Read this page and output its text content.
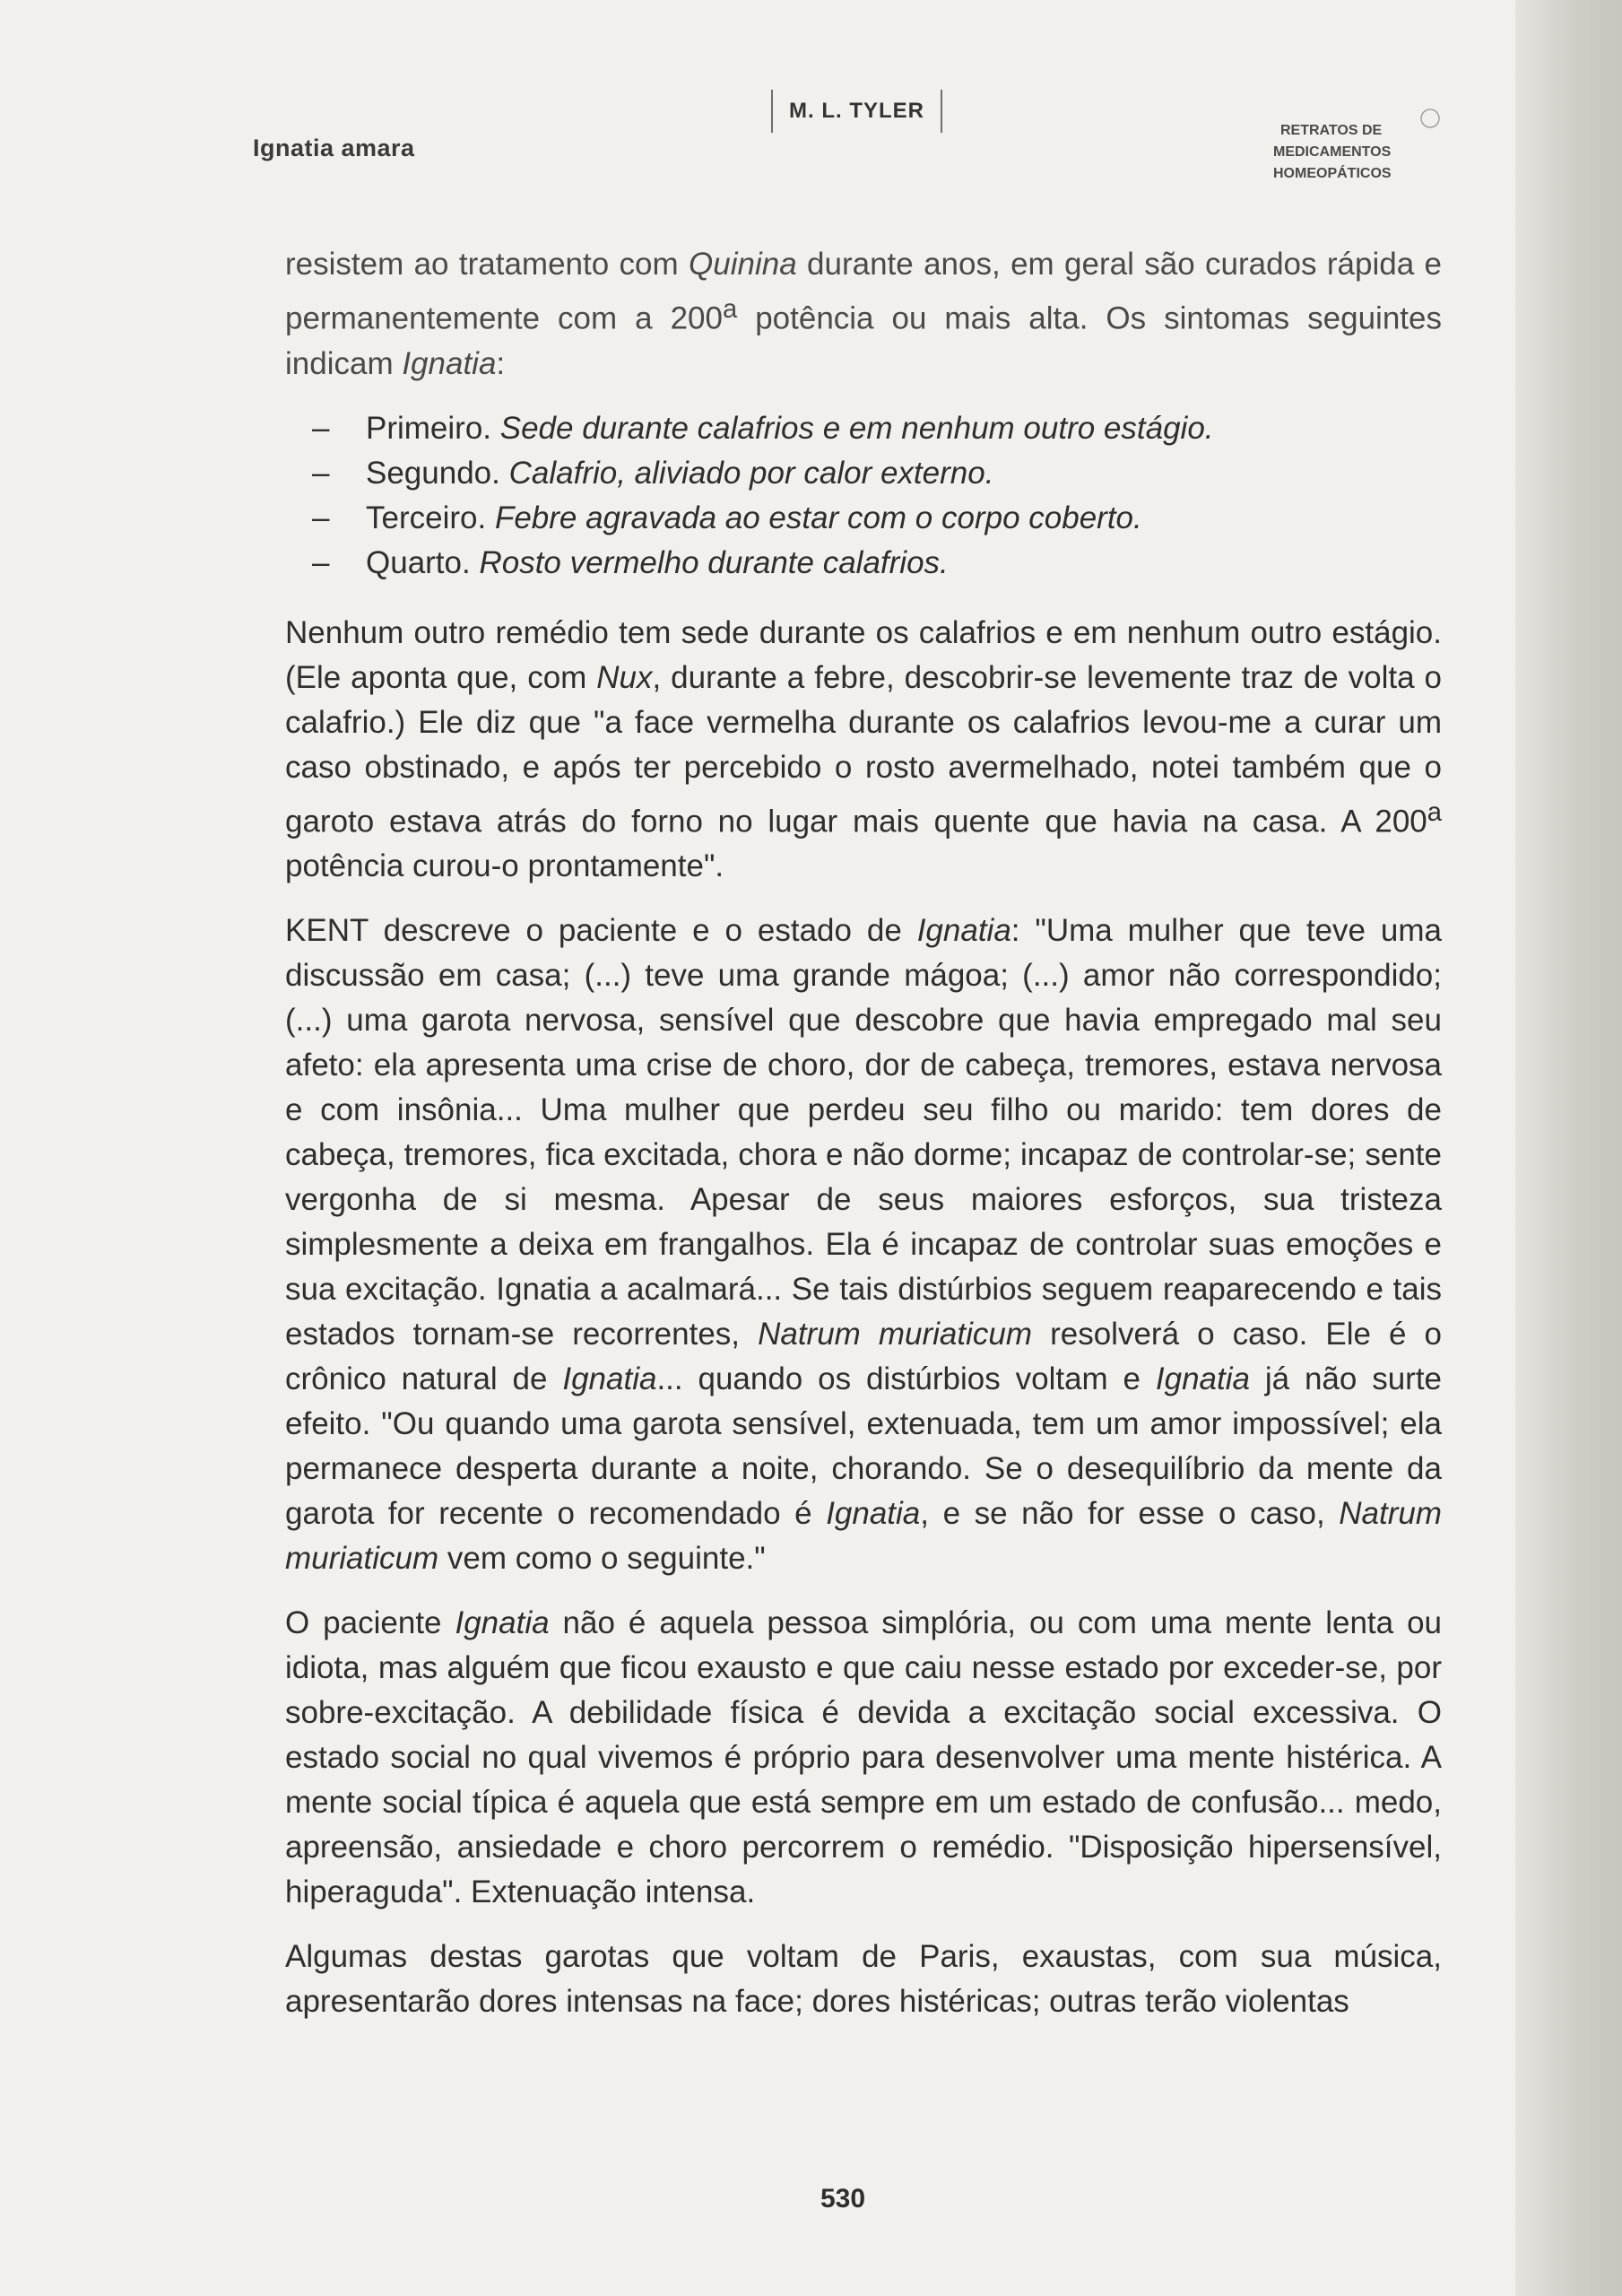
M. L. TYLER
Ignatia amara
RETRATOS DE
MEDICAMENTOS
HOMEOPÁTICOS

resistem ao tratamento com Quinina durante anos, em geral são curados rápida e permanentemente com a 200$^a$ potência ou mais alta. Os sintomas seguintes indicam Ignatia:

– Primeiro. Sede durante calafrios e em nenhum outro estágio.
– Segundo. Calafrio, aliviado por calor externo.
– Terceiro. Febre agravada ao estar com o corpo coberto.
– Quarto. Rosto vermelho durante calafrios.

Nenhum outro remédio tem sede durante os calafrios e em nenhum outro estágio. (Ele aponta que, com Nux, durante a febre, descobrir-se levemente traz de volta o calafrio.) Ele diz que "a face vermelha durante os calafrios levou-me a curar um caso obstinado, e após ter percebido o rosto avermelhado, notei também que o garoto estava atrás do forno no lugar mais quente que havia na casa. A 200$^a$ potência curou-o prontamente".

KENT descreve o paciente e o estado de Ignatia: "Uma mulher que teve uma discussão em casa; (...) teve uma grande mágoa; (...) amor não correspondido; (...) uma garota nervosa, sensível que descobre que havia empregado mal seu afeto: ela apresenta uma crise de choro, dor de cabeça, tremores, estava nervosa e com insônia... Uma mulher que perdeu seu filho ou marido: tem dores de cabeça, tremores, fica excitada, chora e não dorme; incapaz de controlar-se; sente vergonha de si mesma. Apesar de seus maiores esforços, sua tristeza simplesmente a deixa em frangalhos. Ela é incapaz de controlar suas emoções e sua excitação. Ignatia a acalmará... Se tais distúrbios seguem reaparecendo e tais estados tornam-se recorrentes, Natrum muriaticum resolverá o caso. Ele é o crônico natural de Ignatia... quando os distúrbios voltam e Ignatia já não surte efeito. "Ou quando uma garota sensível, extenuada, tem um amor impossível; ela permanece desperta durante a noite, chorando. Se o desequilíbrio da mente da garota for recente o recomendado é Ignatia, e se não for esse o caso, Natrum muriaticum vem como o seguinte."

O paciente Ignatia não é aquela pessoa simplória, ou com uma mente lenta ou idiota, mas alguém que ficou exausto e que caiu nesse estado por exceder-se, por sobre-excitação. A debilidade física é devida a excitação social excessiva. O estado social no qual vivemos é próprio para desenvolver uma mente histérica. A mente social típica é aquela que está sempre em um estado de confusão... medo, apreensão, ansiedade e choro percorrem o remédio. "Disposição hipersensível, hiperaguda". Extenuação intensa.

Algumas destas garotas que voltam de Paris, exaustas, com sua música, apresentarão dores intensas na face; dores histéricas; outras terão violentas

530
